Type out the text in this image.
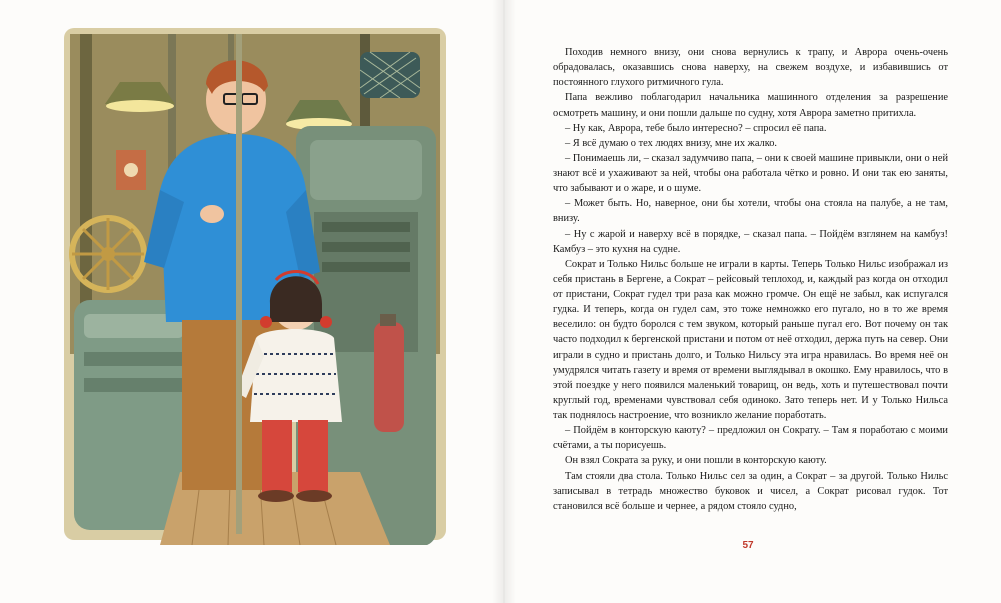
Походив немного внизу, они снова вернулись к трапу, и Аврора очень-очень обрадовалась, оказавшись снова наверху, на свежем воздухе, и избавившись от постоянного глухого ритмичного гула.

Папа вежливо поблагодарил начальника машинного отделения за разрешение осмотреть машину, и они пошли дальше по судну, хотя Аврора заметно притихла.

– Ну как, Аврора, тебе было интересно? – спросил её папа.

– Я всё думаю о тех людях внизу, мне их жалко.

– Понимаешь ли, – сказал задумчиво папа, – они к своей машине привыкли, они о ней знают всё и ухаживают за ней, чтобы она работала чётко и ровно. И они так ею заняты, что забывают и о жаре, и о шуме.

– Может быть. Но, наверное, они бы хотели, чтобы она стояла на палубе, а не там, внизу.

– Ну с жарой и наверху всё в порядке, – сказал папа. – Пойдём взглянем на камбуз! Камбуз – это кухня на судне.

Сократ и Только Нильс больше не играли в карты. Теперь Только Нильс изображал из себя пристань в Бергене, а Сократ – рейсовый теплоход, и, каждый раз когда он отходил от пристани, Сократ гудел три раза как можно громче. Он ещё не забыл, как испугался гудка. И теперь, когда он гудел сам, это тоже немножко его пугало, но в то же время веселило: он будто боролся с тем звуком, который раньше пугал его. Вот почему он так часто подходил к бергенской пристани и потом от неё отходил, держа путь на север. Они играли в судно и пристань долго, и Только Нильсу эта игра нравилась. Во время неё он умудрялся читать газету и время от времени выглядывал в окошко. Ему нравилось, что в этой поездке у него появился маленький товарищ, он ведь, хоть и путешествовал почти круглый год, временами чувствовал себя одиноко. Зато теперь нет. И у Только Нильса так поднялось настроение, что возникло желание поработать.

– Пойдём в конторскую каюту? – предложил он Сократу. – Там я поработаю с моими счётами, а ты порисуешь.

Он взял Сократа за руку, и они пошли в конторскую каюту.

Там стояли два стола. Только Нильс сел за один, а Сократ – за другой. Только Нильс записывал в тетрадь множество буковок и чисел, а Сократ рисовал гудок. Тот становился всё больше и чернее, а рядом стояло судно,

57
